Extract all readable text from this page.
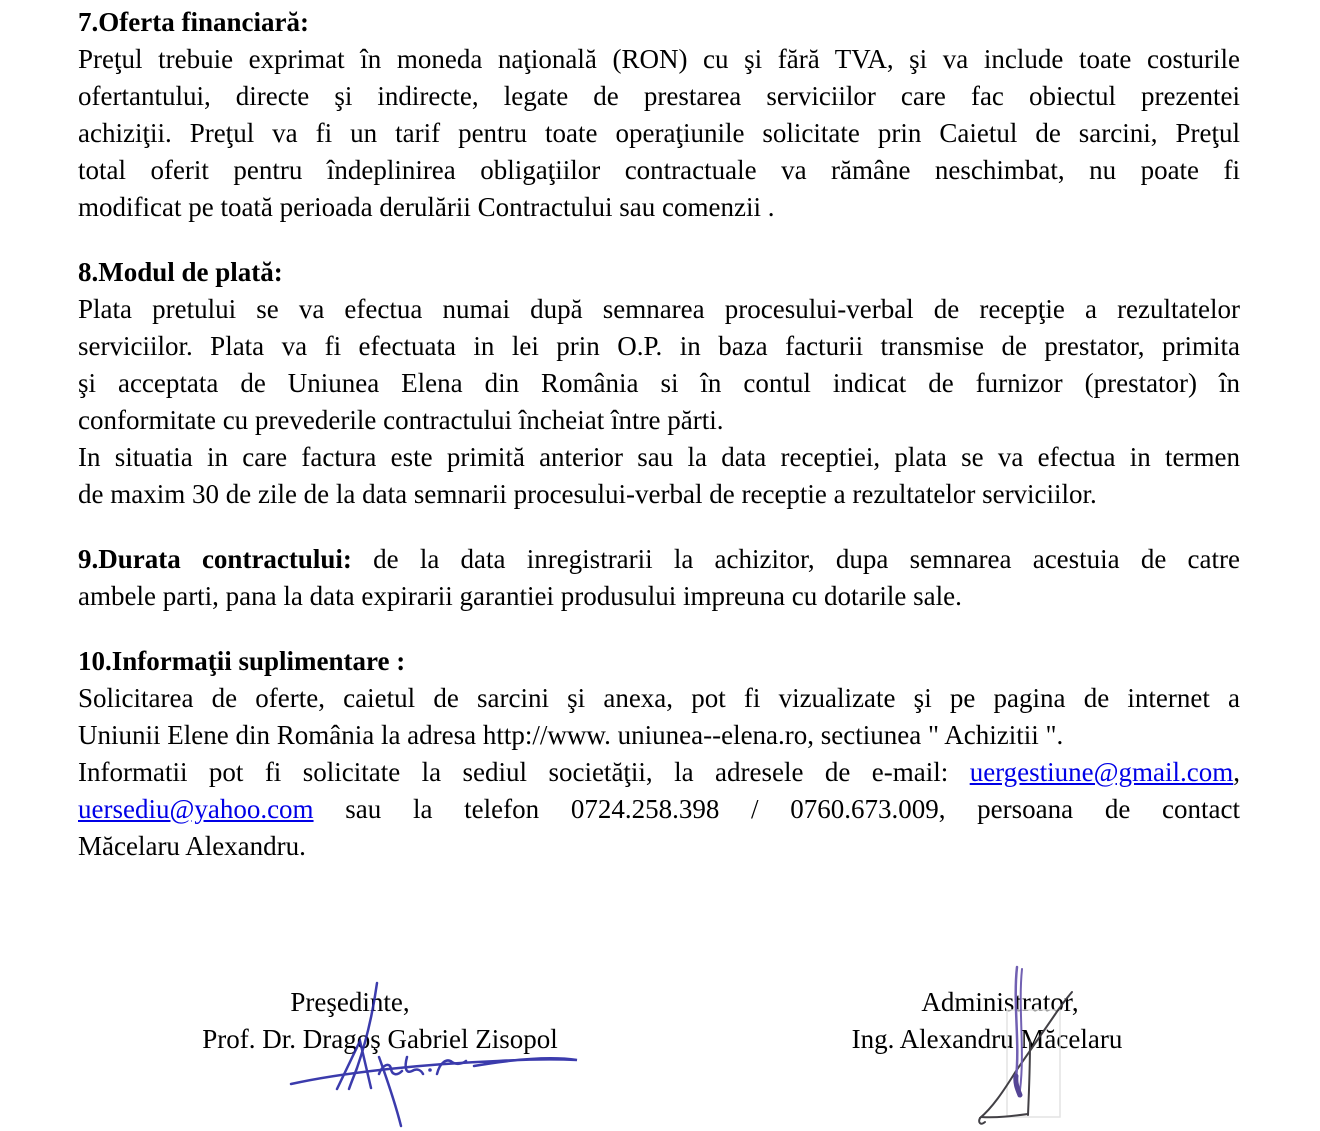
7.Oferta financiară:
Preţul trebuie exprimat în moneda naţională (RON) cu şi fără TVA, şi va include toate costurile
ofertantului, directe şi indirecte, legate de prestarea serviciilor care fac obiectul prezentei
achiziţii. Preţul va fi un tarif pentru toate operaţiunile solicitate prin Caietul de sarcini, Preţul
total oferit pentru îndeplinirea obligaţiilor contractuale va rămâne neschimbat, nu poate fi
modificat pe toată perioada derulării Contractului sau comenzii .
8.Modul de plată:
Plata pretului se va efectua numai după semnarea procesului-verbal de recepţie a rezultatelor
serviciilor. Plata va fi efectuata in lei prin O.P. in baza facturii transmise de prestator, primita
şi acceptata de Uniunea Elena din România si în contul indicat de furnizor (prestator) în
conformitate cu prevederile contractului încheiat între părti.
In situatia in care factura este primită anterior sau la data receptiei, plata se va efectua in termen
de maxim 30 de zile de la data semnarii procesului-verbal de receptie a rezultatelor serviciilor.
9.Durata contractului: de la data inregistrarii la achizitor, dupa semnarea acestuia de catre
ambele parti, pana la data expirarii garantiei produsului impreuna cu dotarile sale.
10.Informaţii suplimentare :
Solicitarea de oferte, caietul de sarcini şi anexa, pot fi vizualizate şi pe pagina de internet a
Uniunii Elene din România la adresa http://www. uniunea--elena.ro, sectiunea " Achizitii ".
Informatii pot fi solicitate la sediul societăţii, la adresele de e-mail: uergestiune@gmail.com,
uersediu@yahoo.com sau la telefon 0724.258.398 / 0760.673.009, persoana de contact
Măcelaru Alexandru.
Preşedinte,
Prof. Dr. Dragoş Gabriel Zisopol
Administrator,
Ing. Alexandru Măcelaru
